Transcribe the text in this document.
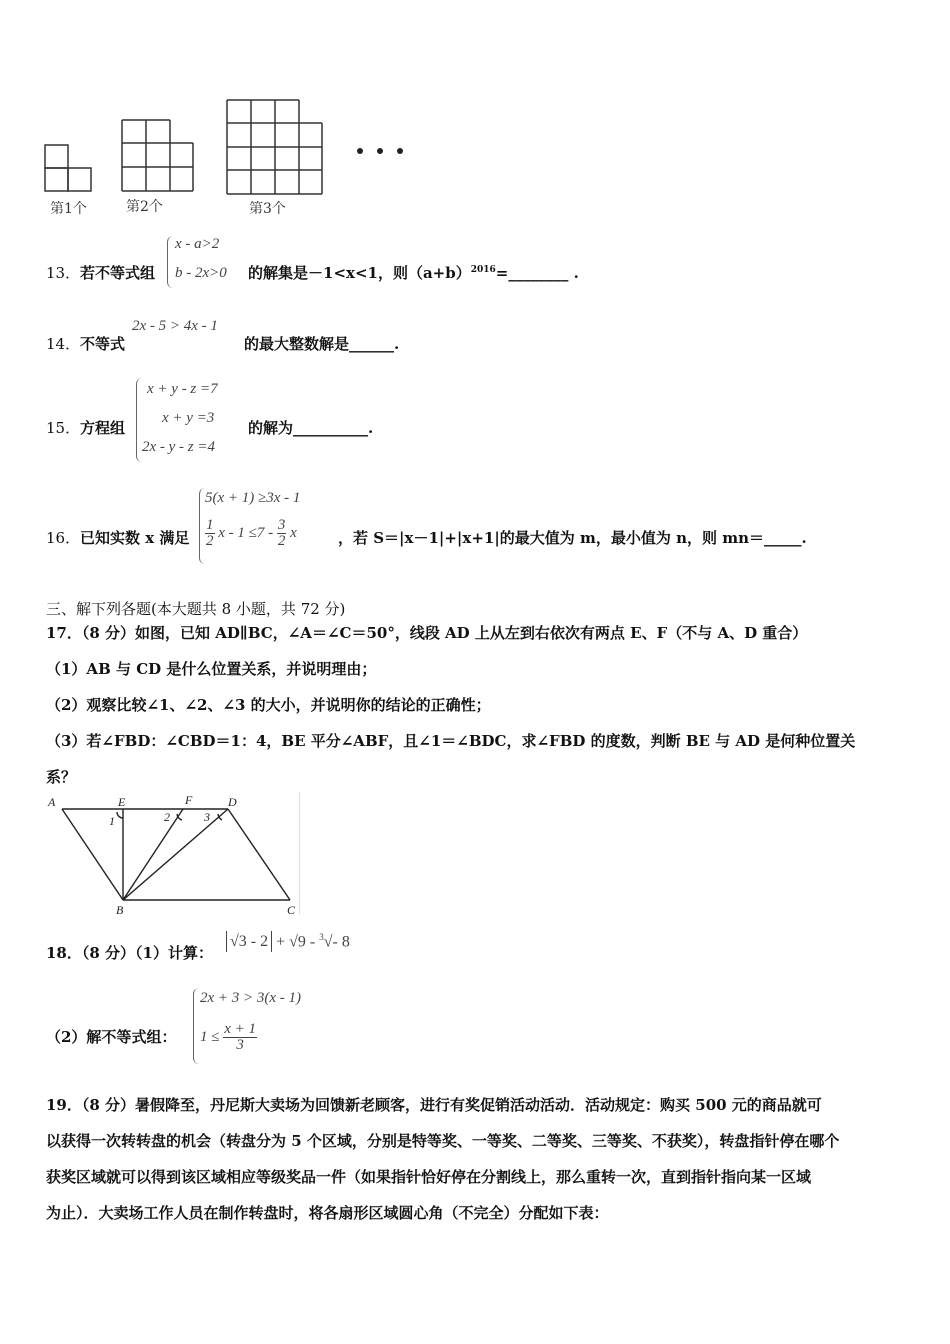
第1个	第2个	第3个
13． 若不等式组
x - a>2
b - 2x>0 的解集是－1<x<1，则$(a+b)^{2016}=\_\_\_\_\_\_\_\_$ .
14． 不等式
2x - 5 > 4x - 1
的最大整数解是______.
15． 方程组
x + y - z =7
x + y =3
2x - y - z =4
的解为__________.
16． 已知实数 x 满足
5(x + 1) ≥3x - 1
$\frac{1}{2}$ $x - 1 \le 7 - \frac{3}{2}$ x	，若 S＝|x－1|+|x+1|的最大值为 m，最小值为 n，则 mn＝_____.
三、解下列各题(本大题共 8 小题，共 72 分)
17．（8 分）如图，已知 AD∥BC，∠A＝∠C＝50°，线段 AD 上从左到右依次有两点 E、F（不与 A、D 重合）
（1）AB 与 CD 是什么位置关系，并说明理由；
（2）观察比较∠1、∠2、∠3 的大小，并说明你的结论的正确性；
（3）若∠FBD：∠CBD＝1：4，BE 平分∠ABF，且∠1＝∠BDC，求∠FBD 的度数，判断 BE 与 AD 是何种位置关
系？
A	E	F	D
B	C
1	2	3
18．（8 分）（1）计算：
√3 - 2 + √9 - $^3$√- 8
（2）解不等式组：
2x + 3 > 3(x - 1)
$1 \le \frac{x + 1}{3}$
19．（8 分）暑假降至，丹尼斯大卖场为回馈新老顾客，进行有奖促销活动活动．活动规定：购买 500 元的商品就可
以获得一次转转盘的机会（转盘分为 5 个区域，分别是特等奖、一等奖、二等奖、三等奖、不获奖），转盘指针停在哪个
获奖区域就可以得到该区域相应等级奖品一件（如果指针恰好停在分割线上，那么重转一次，直到指针指向某一区域
为止）．大卖场工作人员在制作转盘时，将各扇形区域圆心角（不完全）分配如下表：
